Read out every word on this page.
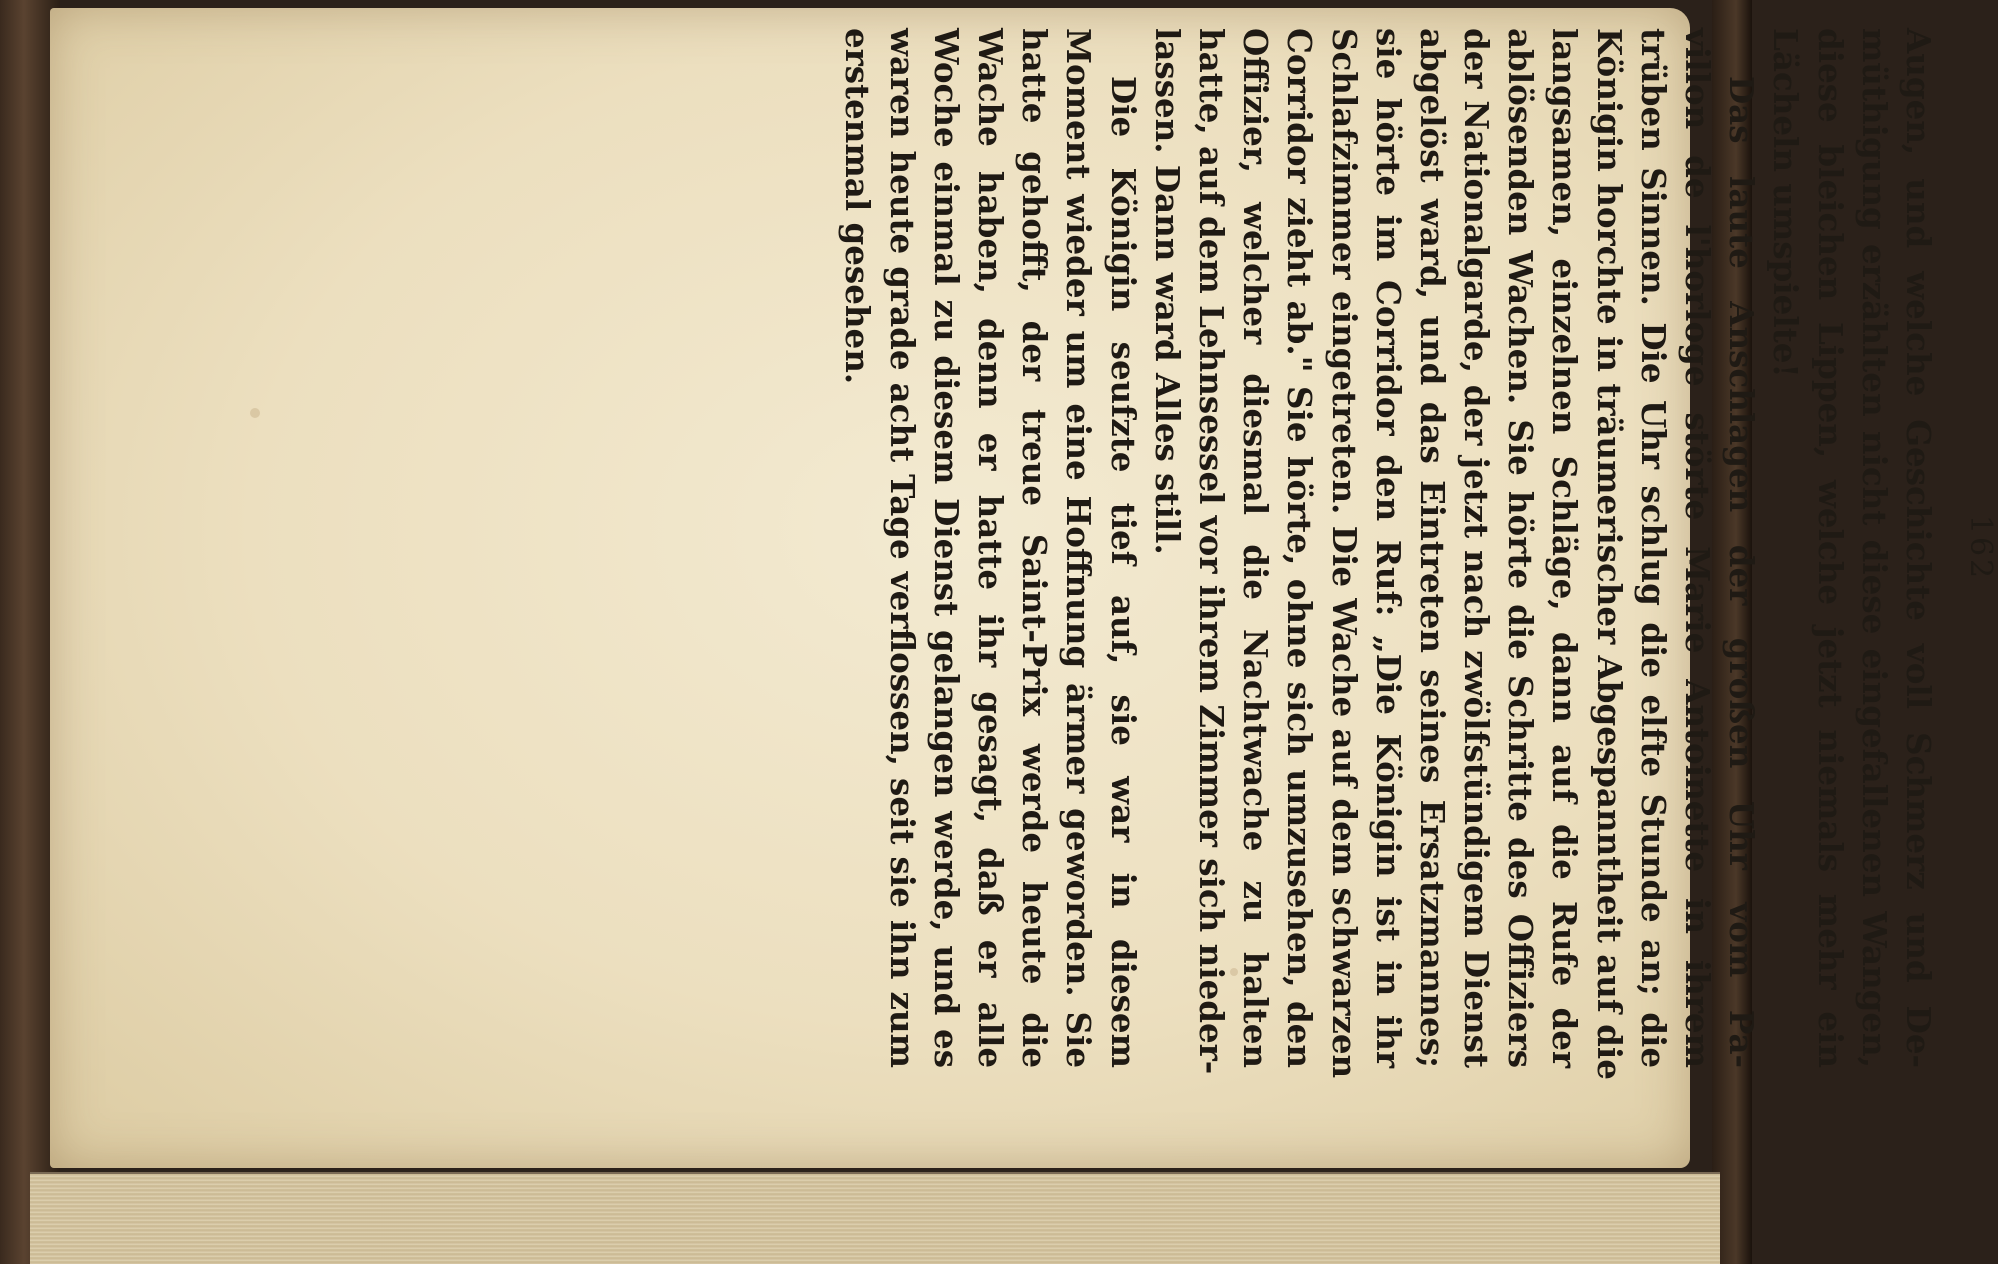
162
Augen, und welche Geschichte voll Schmerz und De-
müthigung erzählten nicht diese eingefallenen Wangen,
diese bleichen Lippen, welche jetzt niemals mehr ein
Lächeln umspielte!
Das laute Anschlagen der großen Uhr vom Pa-
villon de l'horloge störte Marie Antoinette in ihrem
trüben Sinnen. Die Uhr schlug die elfte Stunde an; die
Königin horchte in träumerischer Abgespanntheit auf die
langsamen, einzelnen Schläge, dann auf die Rufe der
ablösenden Wachen. Sie hörte die Schritte des Offiziers
der Nationalgarde, der jetzt nach zwölfstündigem Dienst
abgelöst ward, und das Eintreten seines Ersatzmannes;
sie hörte im Corridor den Ruf: „Die Königin ist in ihr
Schlafzimmer eingetreten. Die Wache auf dem schwarzen
Corridor zieht ab." Sie hörte, ohne sich umzusehen, den
Offizier, welcher diesmal die Nachtwache zu halten
hatte, auf dem Lehnsessel vor ihrem Zimmer sich nieder-
lassen. Dann ward Alles still.
Die Königin seufzte tief auf, sie war in diesem
Moment wieder um eine Hoffnung ärmer geworden. Sie
hatte gehofft, der treue Saint-Prix werde heute die
Wache haben, denn er hatte ihr gesagt, daß er alle
Woche einmal zu diesem Dienst gelangen werde, und es
waren heute grade acht Tage verflossen, seit sie ihn zum
erstenmal gesehen.
